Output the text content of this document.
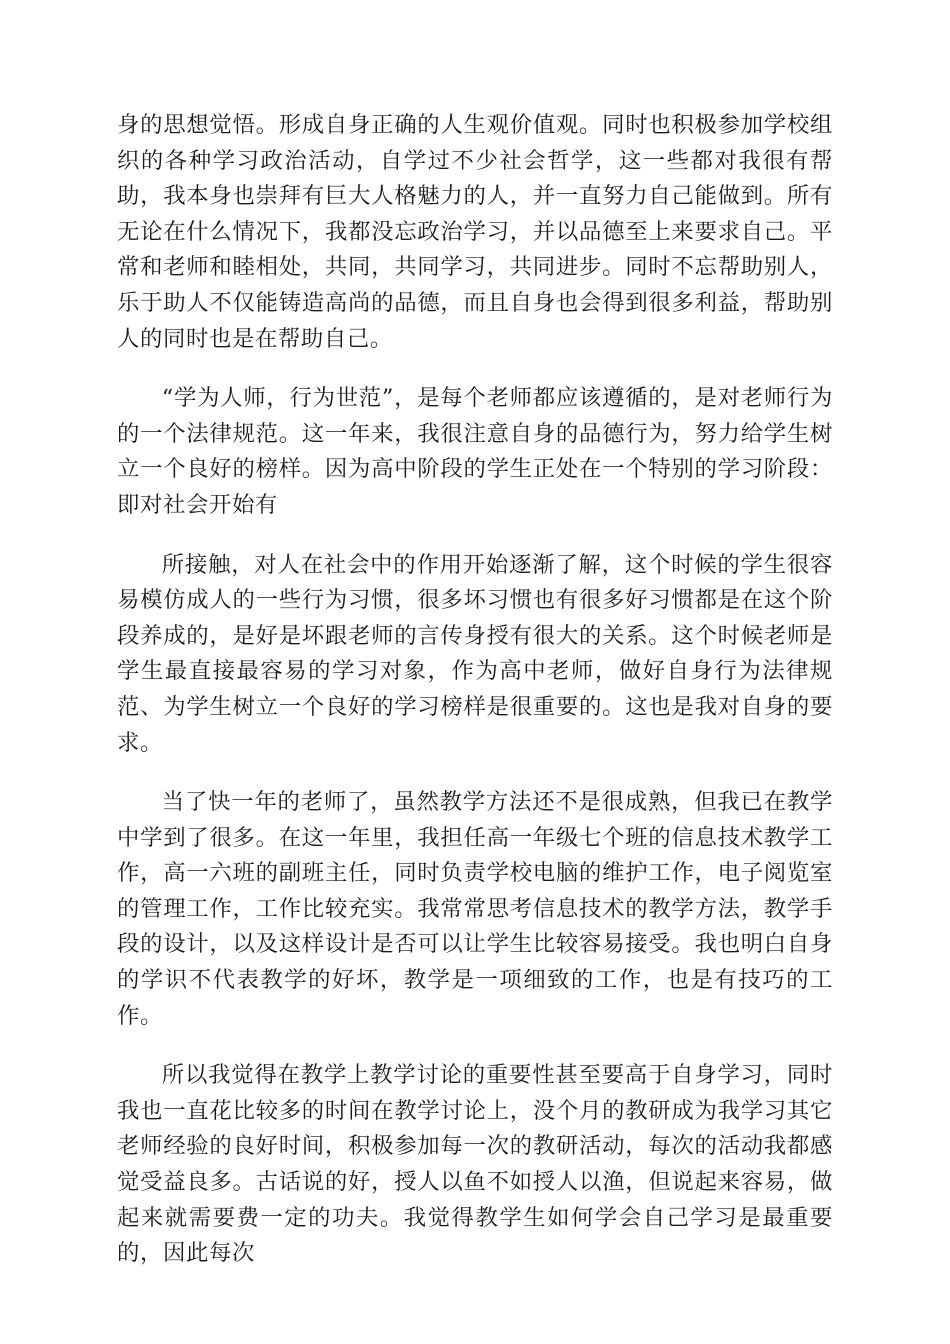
身的思想觉悟。形成自身正确的人生观价值观。同时也积极参加学校组织的各种学习政治活动，自学过不少社会哲学，这一些都对我很有帮助，我本身也崇拜有巨大人格魅力的人，并一直努力自己能做到。所有无论在什么情况下，我都没忘政治学习，并以品德至上来要求自己。平常和老师和睦相处，共同，共同学习，共同进步。同时不忘帮助别人，乐于助人不仅能铸造高尚的品德，而且自身也会得到很多利益，帮助别人的同时也是在帮助自己。

“学为人师，行为世范”，是每个老师都应该遵循的，是对老师行为的一个法律规范。这一年来，我很注意自身的品德行为，努力给学生树立一个良好的榜样。因为高中阶段的学生正处在一个特别的学习阶段：即对社会开始有

所接触，对人在社会中的作用开始逐渐了解，这个时候的学生很容易模仿成人的一些行为习惯，很多坏习惯也有很多好习惯都是在这个阶段养成的，是好是坏跟老师的言传身授有很大的关系。这个时候老师是学生最直接最容易的学习对象，作为高中老师，做好自身行为法律规范、为学生树立一个良好的学习榜样是很重要的。这也是我对自身的要求。

当了快一年的老师了，虽然教学方法还不是很成熟，但我已在教学中学到了很多。在这一年里，我担任高一年级七个班的信息技术教学工作，高一六班的副班主任，同时负责学校电脑的维护工作，电子阅览室的管理工作，工作比较充实。我常常思考信息技术的教学方法，教学手段的设计，以及这样设计是否可以让学生比较容易接受。我也明白自身的学识不代表教学的好坏，教学是一项细致的工作，也是有技巧的工作。

所以我觉得在教学上教学讨论的重要性甚至要高于自身学习，同时我也一直花比较多的时间在教学讨论上，没个月的教研成为我学习其它老师经验的良好时间，积极参加每一次的教研活动，每次的活动我都感觉受益良多。古话说的好，授人以鱼不如授人以渔，但说起来容易，做起来就需要费一定的功夫。我觉得教学生如何学会自己学习是最重要的，因此每次
